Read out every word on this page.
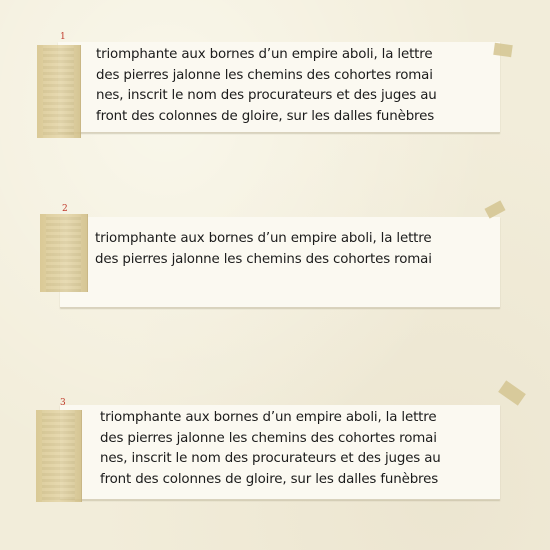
1

triomphante aux bornes d’un empire aboli, la lettre
des pierres jalonne les chemins des cohortes romai
nes, inscrit le nom des procurateurs et des juges au
front des colonnes de gloire, sur les dalles funèbres

2

triomphante aux bornes d’un empire aboli, la lettre
des pierres jalonne les chemins des cohortes romai

3

triomphante aux bornes d’un empire aboli, la lettre
des pierres jalonne les chemins des cohortes romai
nes, inscrit le nom des procurateurs et des juges au
front des colonnes de gloire, sur les dalles funèbres
